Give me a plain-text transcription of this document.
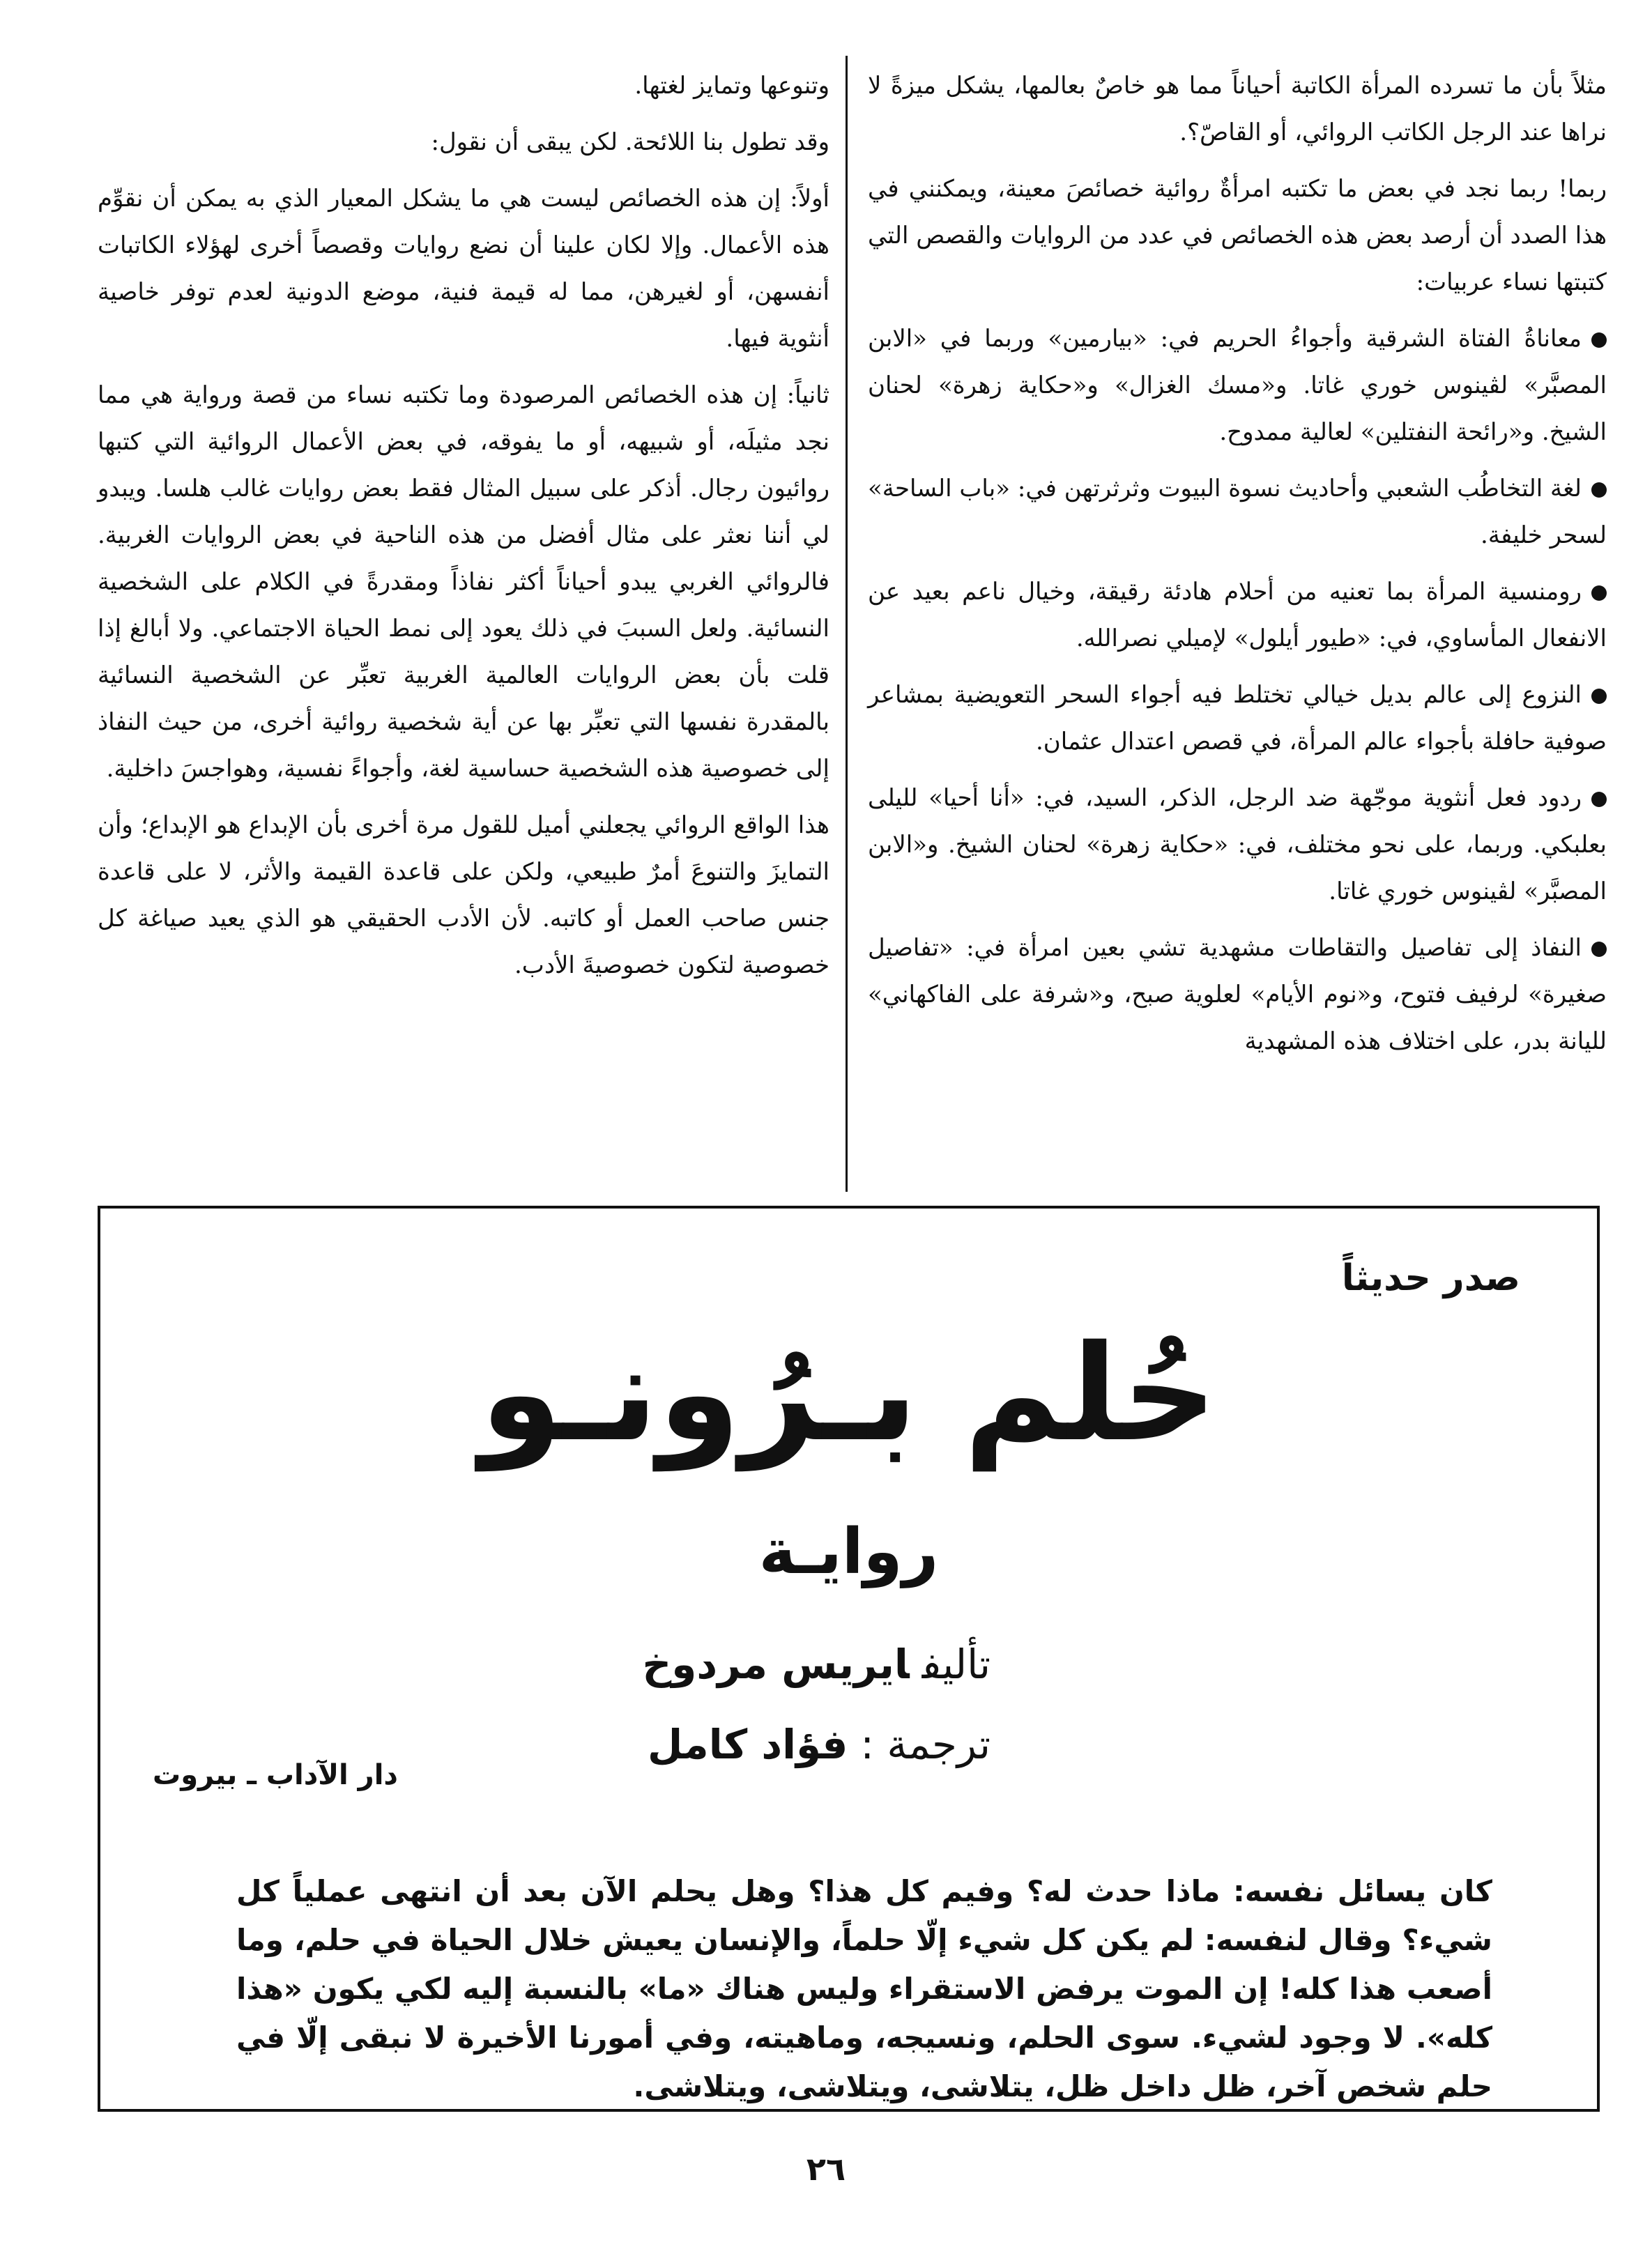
مثلاً بأن ما تسرده المرأة الكاتبة أحياناً مما هو خاصٌ بعالمها، يشكل ميزةً لا نراها عند الرجل الكاتب الروائي، أو القاصّ؟.

ربما! ربما نجد في بعض ما تكتبه امرأةٌ روائية خصائصَ معينة، ويمكنني في هذا الصدد أن أرصد بعض هذه الخصائص في عدد من الروايات والقصص التي كتبتها نساء عربيات:

معاناةُ الفتاة الشرقية وأجواءُ الحريم في: «بيارمين» وربما في «الابن المصبَّر» لڤينوس خوري غاتا. و«مسك الغزال» و«حكاية زهرة» لحنان الشيخ. و«رائحة النفتلين» لعالية ممدوح.

لغة التخاطُب الشعبي وأحاديث نسوة البيوت وثرثرتهن في: «باب الساحة» لسحر خليفة.

رومنسية المرأة بما تعنيه من أحلام هادئة رقيقة، وخيال ناعم بعيد عن الانفعال المأساوي، في: «طيور أيلول» لإميلي نصرالله.

النزوع إلى عالم بديل خيالي تختلط فيه أجواء السحر التعويضية بمشاعر صوفية حافلة بأجواء عالم المرأة، في قصص اعتدال عثمان.

ردود فعل أنثوية موجّهة ضد الرجل، الذكر، السيد، في: «أنا أحيا» لليلى بعلبكي. وربما، على نحو مختلف، في: «حكاية زهرة» لحنان الشيخ. و«الابن المصبَّر» لڤينوس خوري غاتا.

النفاذ إلى تفاصيل والتقاطات مشهدية تشي بعين امرأة في: «تفاصيل صغيرة» لرفيف فتوح، و«نوم الأيام» لعلوية صبح، و«شرفة على الفاكهاني» لليانة بدر، على اختلاف هذه المشهدية

وتنوعها وتمايز لغتها.

وقد تطول بنا اللائحة. لكن يبقى أن نقول:

أولاً: إن هذه الخصائص ليست هي ما يشكل المعيار الذي به يمكن أن نقوِّم هذه الأعمال. وإلا لكان علينا أن نضع روايات وقصصاً أخرى لهؤلاء الكاتبات أنفسهن، أو لغيرهن، مما له قيمة فنية، موضع الدونية لعدم توفر خاصية أنثوية فيها.

ثانياً: إن هذه الخصائص المرصودة وما تكتبه نساء من قصة ورواية هي مما نجد مثيلَه، أو شبيهه، أو ما يفوقه، في بعض الأعمال الروائية التي كتبها روائيون رجال. أذكر على سبيل المثال فقط بعض روايات غالب هلسا. ويبدو لي أننا نعثر على مثال أفضل من هذه الناحية في بعض الروايات الغربية. فالروائي الغربي يبدو أحياناً أكثر نفاذاً ومقدرةً في الكلام على الشخصية النسائية. ولعل السببَ في ذلك يعود إلى نمط الحياة الاجتماعي. ولا أبالغ إذا قلت بأن بعض الروايات العالمية الغربية تعبِّر عن الشخصية النسائية بالمقدرة نفسها التي تعبِّر بها عن أية شخصية روائية أخرى، من حيث النفاذ إلى خصوصية هذه الشخصية حساسية لغة، وأجواءً نفسية، وهواجسَ داخلية.

هذا الواقع الروائي يجعلني أميل للقول مرة أخرى بأن الإبداع هو الإبداع؛ وأن التمايزَ والتنوعَ أمرٌ طبيعي، ولكن على قاعدة القيمة والأثر، لا على قاعدة جنس صاحب العمل أو كاتبه. لأن الأدب الحقيقي هو الذي يعيد صياغة كل خصوصية لتكون خصوصيةَ الأدب.

صدر حديثاً
حُلم بـرُونـو
روايـة
تأليفايريس مردوخ
ترجمة :فؤاد كامل
دار الآداب ـ بيروت
كان يسائل نفسه: ماذا حدث له؟ وفيم كل هذا؟ وهل يحلم الآن بعد أن انتهى عملياً كل شيء؟ وقال لنفسه: لم يكن كل شيء إلّا حلماً، والإنسان يعيش خلال الحياة في حلم، وما أصعب هذا كله! إن الموت يرفض الاستقراء وليس هناك «ما» بالنسبة إليه لكي يكون «هذا كله». لا وجود لشيء. سوى الحلم، ونسيجه، وماهيته، وفي أمورنا الأخيرة لا نبقى إلّا في حلم شخص آخر، ظل داخل ظل، يتلاشى، ويتلاشى، ويتلاشى.
٢٦
